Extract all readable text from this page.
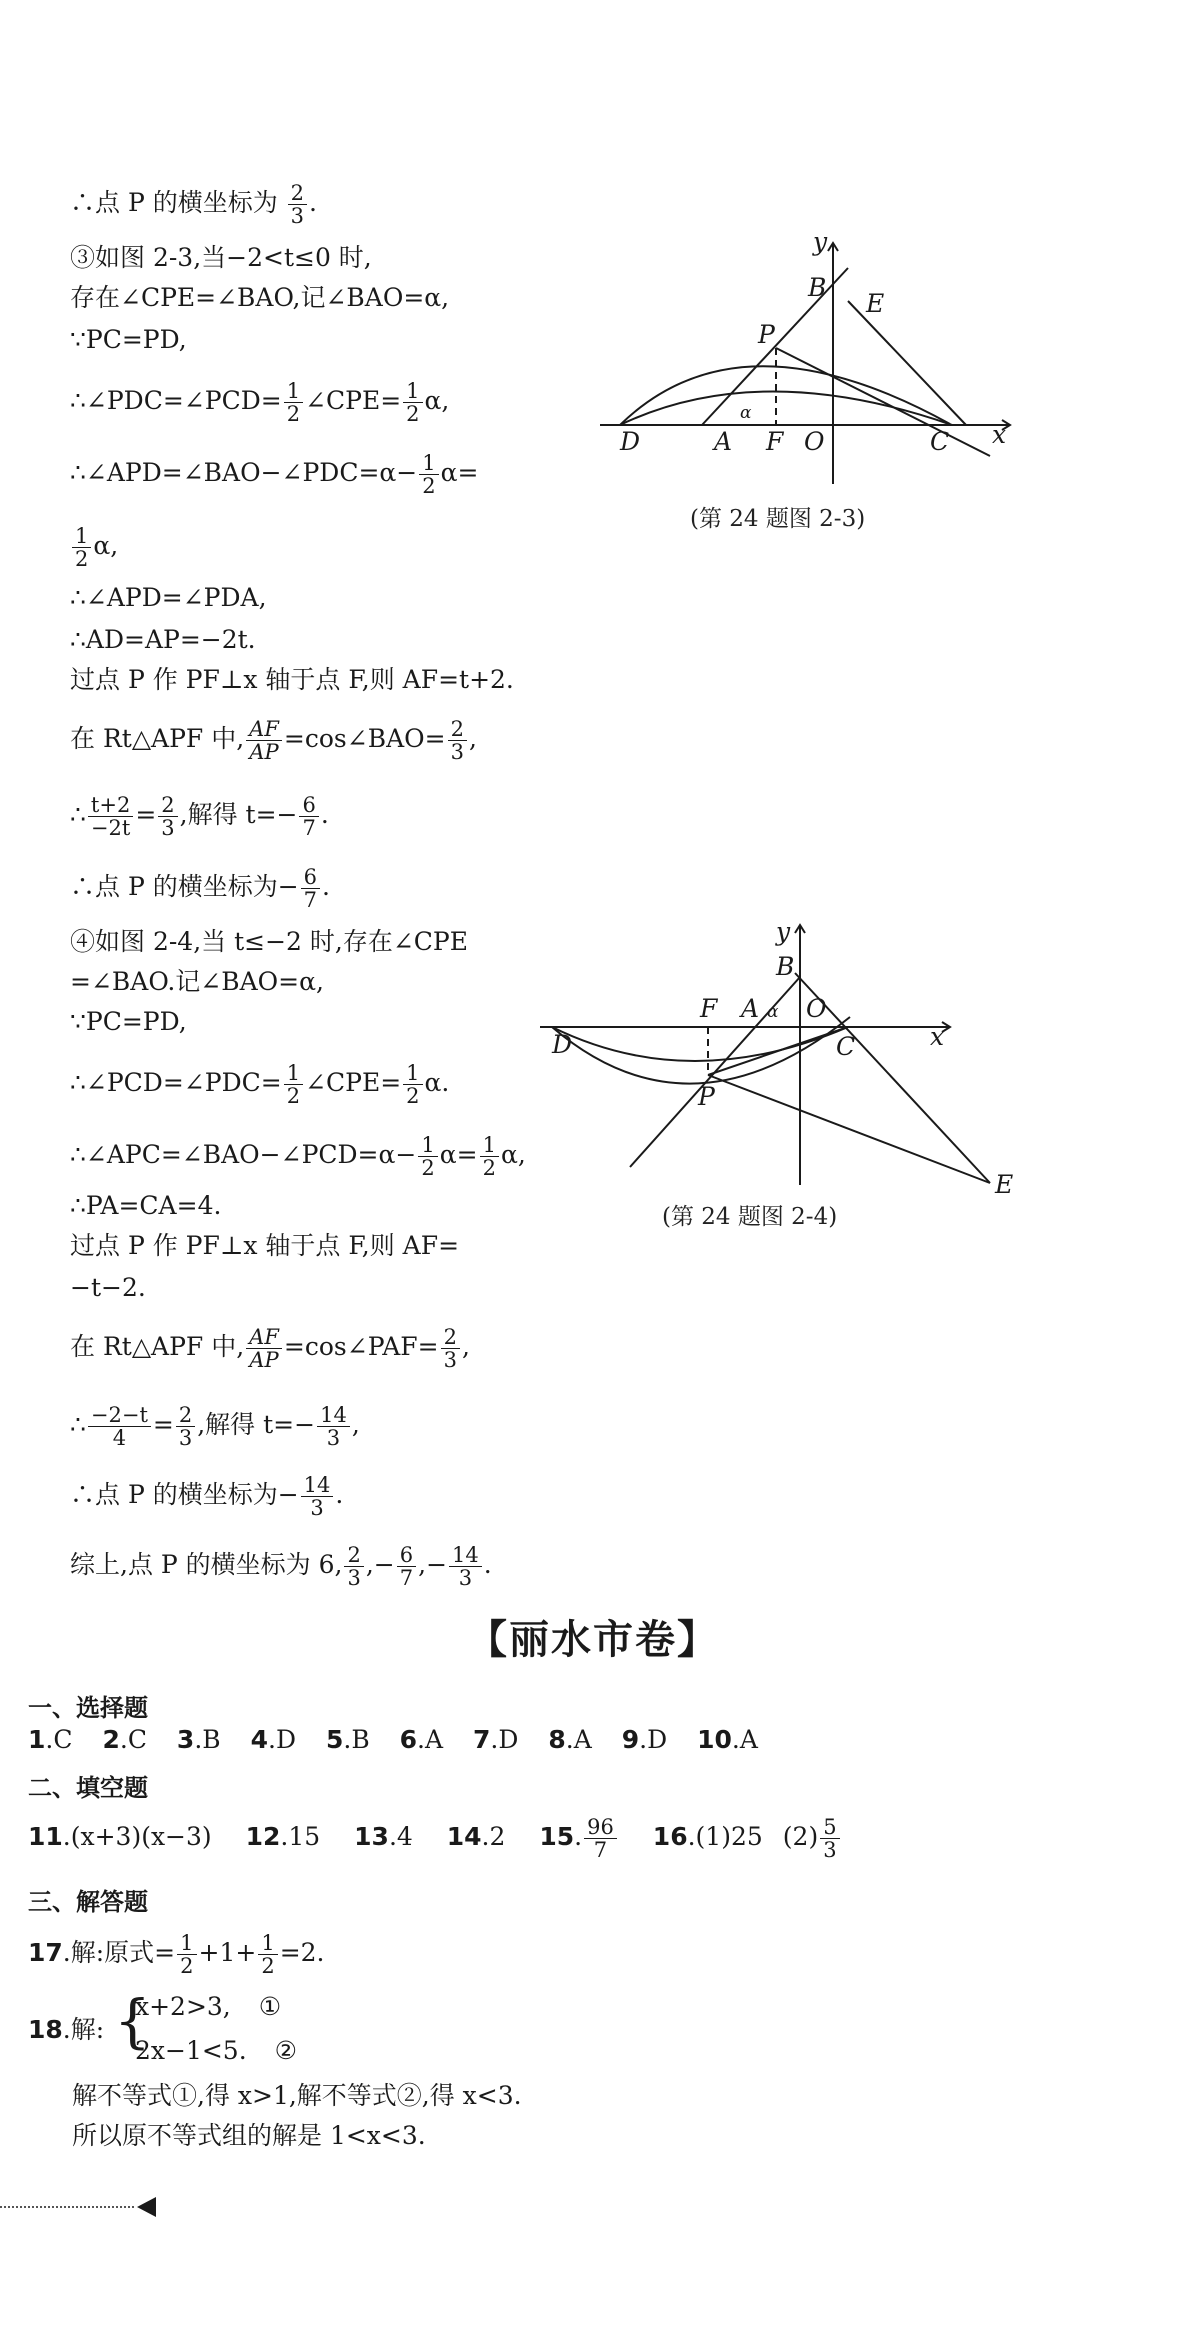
∴点 P 的横坐标为 $\frac{2}{3}$ .
③如图 2-3,当−2<t≤0 时,
存在∠CPE=∠BAO,记∠BAO=α,
∵PC=PD,
∴∠PDC=∠PCD= $\frac{1}{2}$ ∠CPE= $\frac{1}{2} \alpha$,
∴∠APD=∠BAO−∠PDC=α− $\frac{1}{2} \alpha=$
$\frac{1}{2} \alpha$,
∴∠APD=∠PDA,
∴AD=AP=−2t.
过点 P 作 PF⊥x 轴于点 F,则 AF=t+2.
在 Rt△APF 中, $\frac{AF}{AP}$ =cos∠BAO= $\frac{2}{3}$ ,
∴ $\frac{t+2}{-2t} = \frac{2}{3}$ ,解得 $t=- \frac{6}{7}$ .
∴点 P 的横坐标为− $\frac{6}{7}$ .
y
x
B
E
P
D	A F O	C
α
(第 24 题图 2-3)
④如图 2-4,当 t≤−2 时,存在∠CPE
=∠BAO.记∠BAO=α,
∵PC=PD,
∴∠PCD=∠PDC= $\frac{1}{2}$ ∠CPE= $\frac{1}{2} \alpha$.
∴∠APC=∠BAO−∠PCD=α− $\frac{1}{2} \alpha= \frac{1}{2} \alpha$,
∴PA=CA=4.
过点 P 作 PF⊥x 轴于点 F,则 AF=
−t−2.
在 Rt△APF 中, $\frac{AF}{AP}$ =cos∠PAF= $\frac{2}{3}$ ,
∴ $\frac{-2-t}{4} = \frac{2}{3}$ ,解得 $t=- \frac{14}{3}$ ,
∴点 P 的横坐标为− $\frac{14}{3}$ .
综上,点 P 的横坐标为 6, $\frac{2}{3}$ ,− $\frac{6}{7}$ ,− $\frac{14}{3}$ .
y
x
B
F A α O
D	C
P
E
(第 24 题图 2-4)
【丽水市卷】
一、选择题
1.C 2.C 3.B 4.D 5.B 6.A 7.D 8.A 9.D 10.A
二、填空题
11.(x+3)(x−3) 12.15 13.4 14.2 15. $\frac{96}{7} 16.(1)25$ $(2) \frac{5}{3}$
三、解答题
17.解:原式= $\frac{1}{2} +1+ \frac{1}{2} =2$.
18.解: {
x+2>3, ①
2x−1<5. ②
解不等式①,得 x>1,解不等式②,得 x<3.
所以原不等式组的解是 1<x<3.
